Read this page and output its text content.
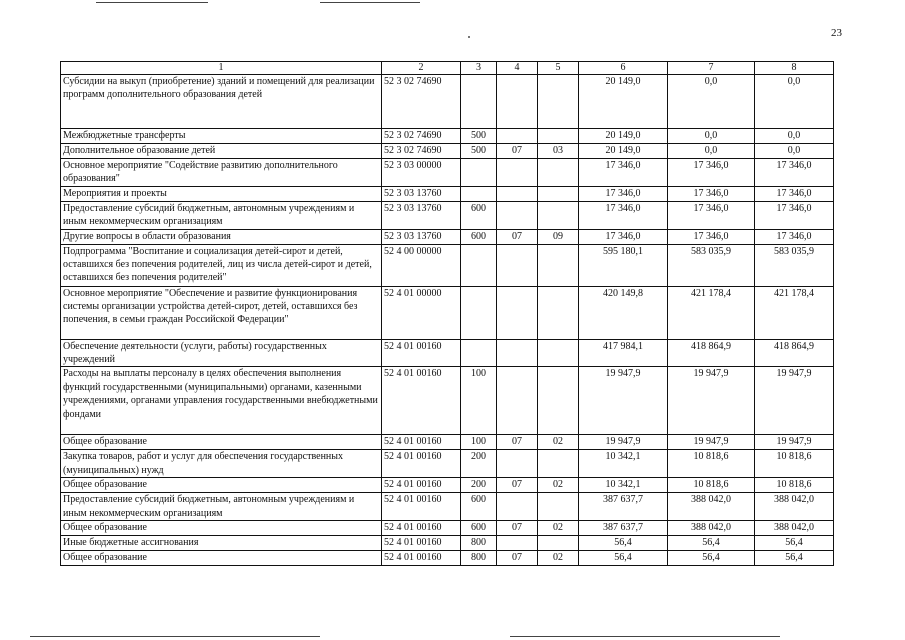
23
1	2	3	4	5	6	7	8
Субсидии на выкуп (приобретение) зданий и помещений для реализации программ дополнительного образования детей	52 3 02 74690				20 149,0	0,0	0,0
Межбюджетные трансферты	52 3 02 74690	500			20 149,0	0,0	0,0
Дополнительное образование детей	52 3 02 74690	500	07	03	20 149,0	0,0	0,0
Основное мероприятие "Содействие развитию дополнительного образования"	52 3 03 00000				17 346,0	17 346,0	17 346,0
Мероприятия и проекты	52 3 03 13760				17 346,0	17 346,0	17 346,0
Предоставление субсидий бюджетным, автономным учреждениям и иным некоммерческим организациям	52 3 03 13760	600			17 346,0	17 346,0	17 346,0
Другие вопросы в области образования	52 3 03 13760	600	07	09	17 346,0	17 346,0	17 346,0
Подпрограмма "Воспитание и социализация детей-сирот и детей, оставшихся без попечения родителей, лиц из числа детей-сирот и детей, оставшихся без попечения родителей"	52 4 00 00000				595 180,1	583 035,9	583 035,9
Основное мероприятие "Обеспечение и развитие функционирования системы организации устройства детей-сирот, детей, оставшихся без попечения, в семьи граждан Российской Федерации"	52 4 01 00000				420 149,8	421 178,4	421 178,4
Обеспечение деятельности (услуги, работы) государственных учреждений	52 4 01 00160				417 984,1	418 864,9	418 864,9
Расходы на выплаты персоналу в целях обеспечения выполнения функций государственными (муниципальными) органами, казенными учреждениями, органами управления государственными внебюджетными фондами	52 4 01 00160	100			19 947,9	19 947,9	19 947,9
Общее образование	52 4 01 00160	100	07	02	19 947,9	19 947,9	19 947,9
Закупка товаров, работ и услуг для обеспечения государственных (муниципальных) нужд	52 4 01 00160	200			10 342,1	10 818,6	10 818,6
Общее образование	52 4 01 00160	200	07	02	10 342,1	10 818,6	10 818,6
Предоставление субсидий бюджетным, автономным учреждениям и иным некоммерческим организациям	52 4 01 00160	600			387 637,7	388 042,0	388 042,0
Общее образование	52 4 01 00160	600	07	02	387 637,7	388 042,0	388 042,0
Иные бюджетные ассигнования	52 4 01 00160	800			56,4	56,4	56,4
Общее образование	52 4 01 00160	800	07	02	56,4	56,4	56,4
